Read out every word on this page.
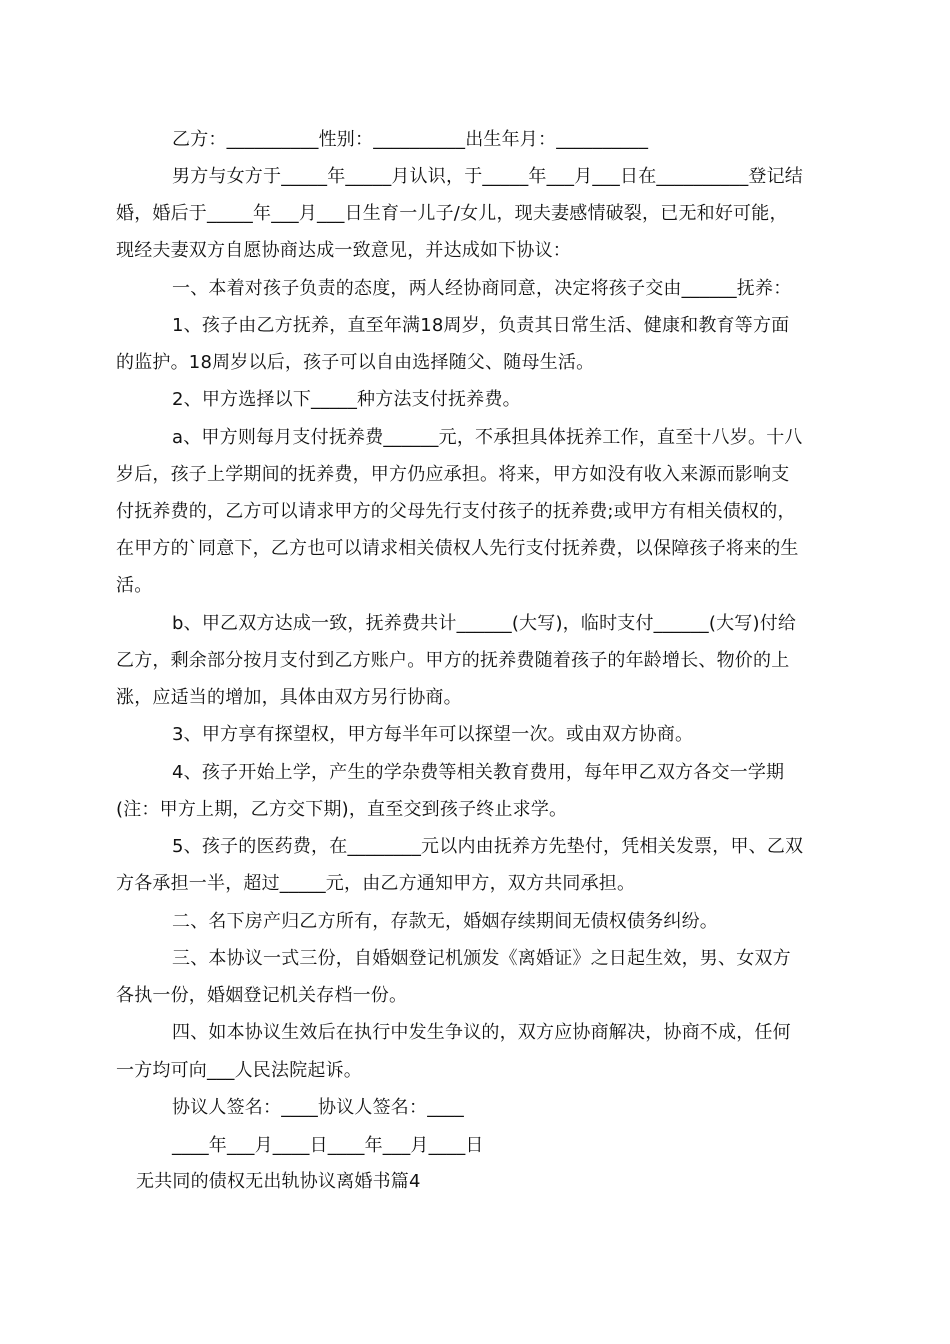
乙方：__________性别：__________出生年月：__________
男方与女方于_____年_____月认识，于_____年___月___日在__________登记结
婚，婚后于_____年___月___日生育一儿子/女儿，现夫妻感情破裂，已无和好可能，
现经夫妻双方自愿协商达成一致意见，并达成如下协议：
一、本着对孩子负责的态度，两人经协商同意，决定将孩子交由______抚养：
1、孩子由乙方抚养，直至年满18周岁，负责其日常生活、健康和教育等方面
的监护。18周岁以后，孩子可以自由选择随父、随母生活。
2、甲方选择以下_____种方法支付抚养费。
a、甲方则每月支付抚养费______元，不承担具体抚养工作，直至十八岁。十八
岁后，孩子上学期间的抚养费，甲方仍应承担。将来，甲方如没有收入来源而影响支
付抚养费的，乙方可以请求甲方的父母先行支付孩子的抚养费;或甲方有相关债权的，
在甲方的`同意下，乙方也可以请求相关债权人先行支付抚养费，以保障孩子将来的生
活。
b、甲乙双方达成一致，抚养费共计______(大写)，临时支付______(大写)付给
乙方，剩余部分按月支付到乙方账户。甲方的抚养费随着孩子的年龄增长、物价的上
涨，应适当的增加，具体由双方另行协商。
3、甲方享有探望权，甲方每半年可以探望一次。或由双方协商。
4、孩子开始上学，产生的学杂费等相关教育费用，每年甲乙双方各交一学期
(注：甲方上期，乙方交下期)，直至交到孩子终止求学。
5、孩子的医药费，在________元以内由抚养方先垫付，凭相关发票，甲、乙双
方各承担一半，超过_____元，由乙方通知甲方，双方共同承担。
二、名下房产归乙方所有，存款无，婚姻存续期间无债权债务纠纷。
三、本协议一式三份，自婚姻登记机颁发《离婚证》之日起生效，男、女双方
各执一份，婚姻登记机关存档一份。
四、如本协议生效后在执行中发生争议的，双方应协商解决，协商不成，任何
一方均可向___人民法院起诉。
协议人签名：____协议人签名：____
____年___月____日____年___月____日
无共同的债权无出轨协议离婚书篇4
